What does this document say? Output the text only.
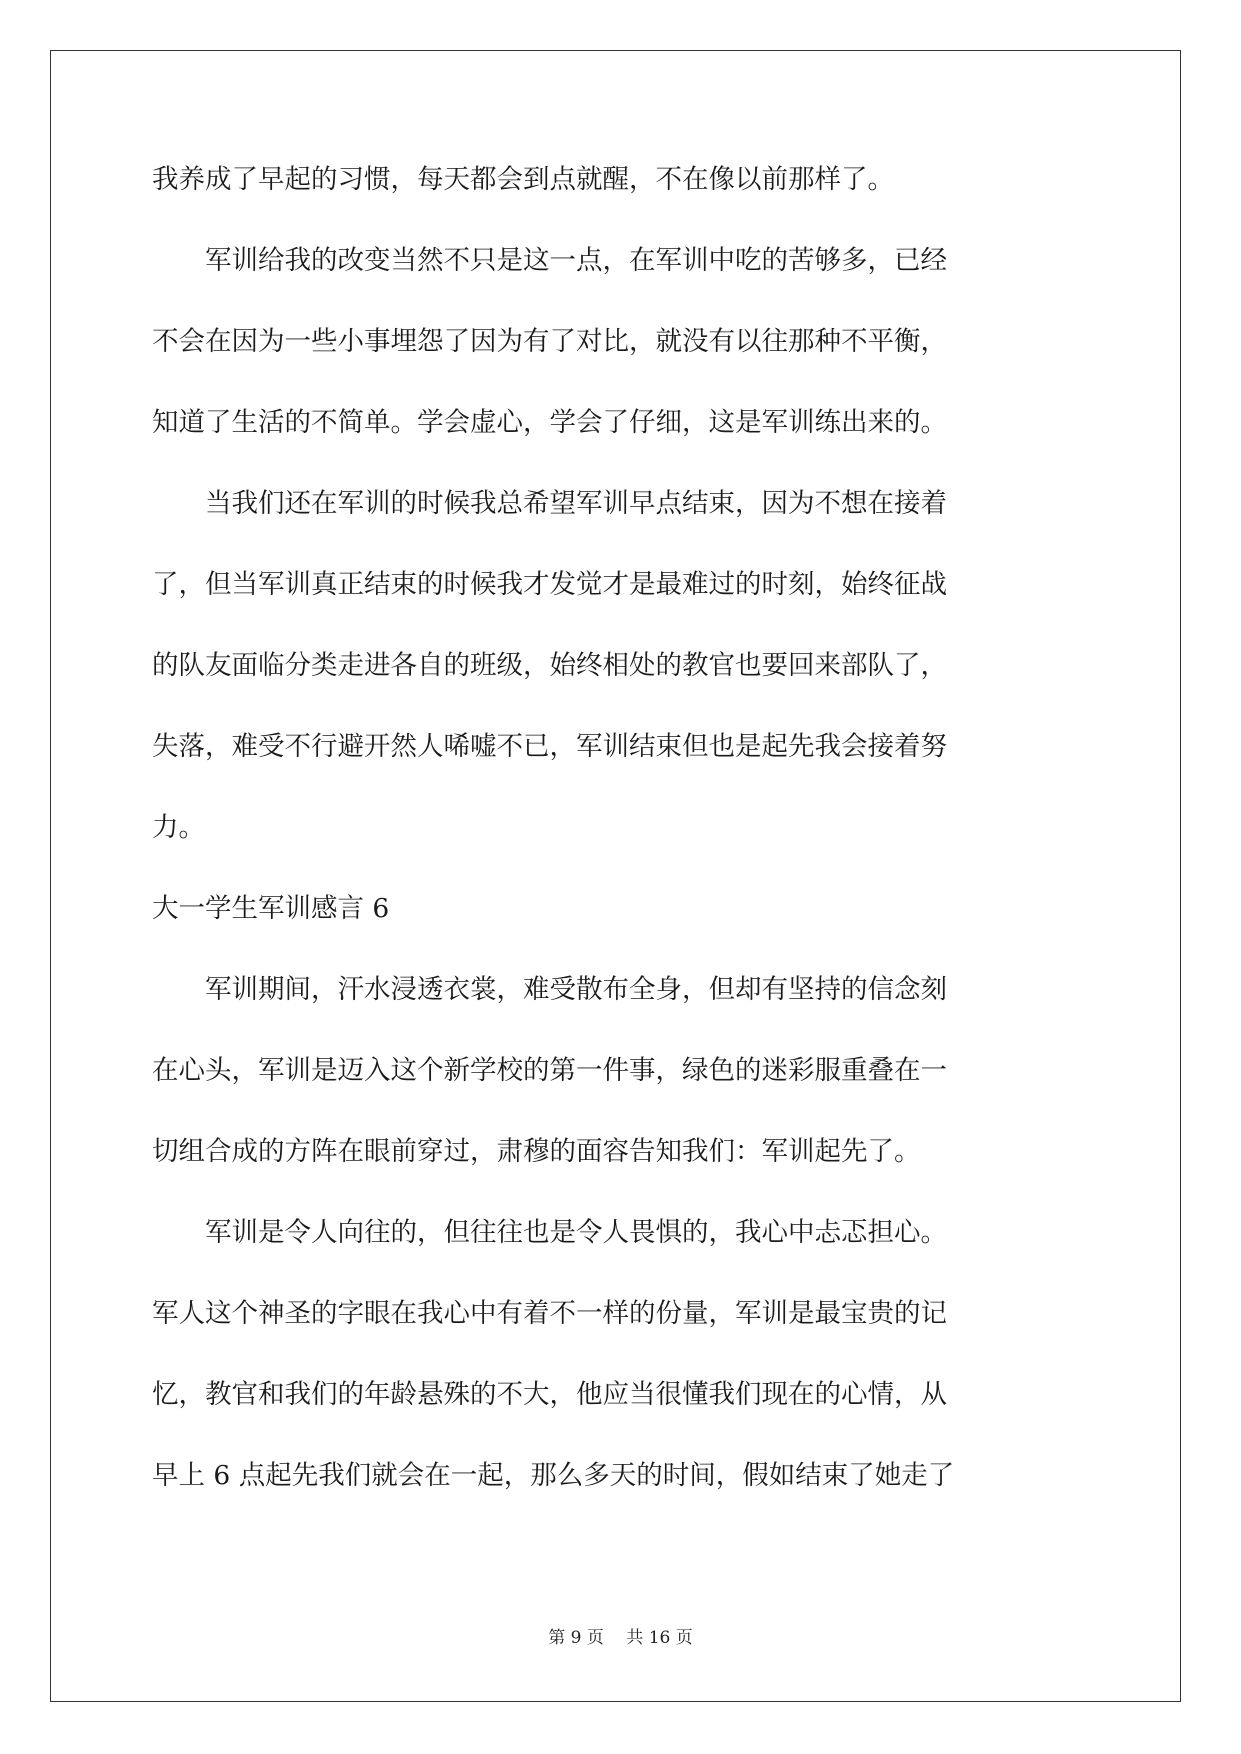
我养成了早起的习惯，每天都会到点就醒，不在像以前那样了。
　　军训给我的改变当然不只是这一点，在军训中吃的苦够多，已经
不会在因为一些小事埋怨了因为有了对比，就没有以往那种不平衡，
知道了生活的不简单。学会虚心，学会了仔细，这是军训练出来的。
　　当我们还在军训的时候我总希望军训早点结束，因为不想在接着
了，但当军训真正结束的时候我才发觉才是最难过的时刻，始终征战
的队友面临分类走进各自的班级，始终相处的教官也要回来部队了，
失落，难受不行避开然人唏嘘不已，军训结束但也是起先我会接着努
力。
大一学生军训感言 6
　　军训期间，汗水浸透衣裳，难受散布全身，但却有坚持的信念刻
在心头，军训是迈入这个新学校的第一件事，绿色的迷彩服重叠在一
切组合成的方阵在眼前穿过，肃穆的面容告知我们：军训起先了。
　　军训是令人向往的，但往往也是令人畏惧的，我心中忐忑担心。
军人这个神圣的字眼在我心中有着不一样的份量，军训是最宝贵的记
忆，教官和我们的年龄悬殊的不大，他应当很懂我们现在的心情，从
早上 6 点起先我们就会在一起，那么多天的时间，假如结束了她走了
第 9 页　 共 16 页
